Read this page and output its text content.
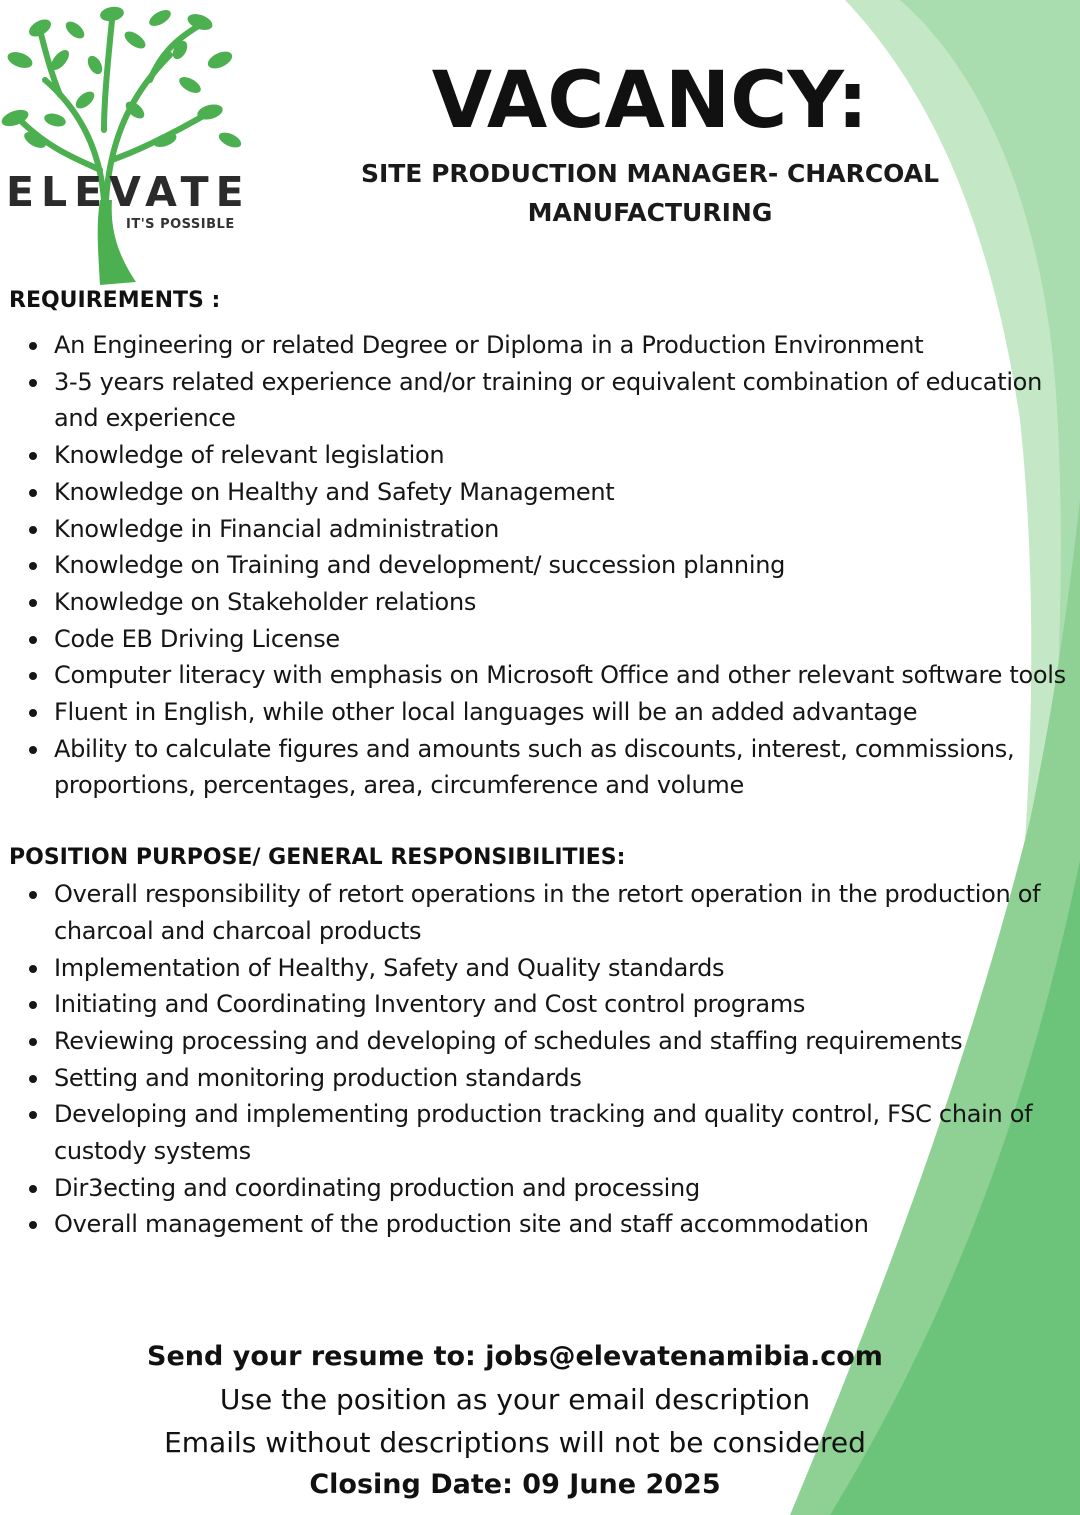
ELEVATE
IT'S POSSIBLE
VACANCY:

SITE PRODUCTION MANAGER- CHARCOAL
MANUFACTURING

REQUIREMENTS :
An Engineering or related Degree or Diploma in a Production Environment
3-5 years related experience and/or training or equivalent combination of education and experience
Knowledge of relevant legislation
Knowledge on Healthy and Safety Management
Knowledge in Financial administration
Knowledge on Training and development/ succession planning
Knowledge on Stakeholder relations
Code EB Driving License
Computer literacy with emphasis on Microsoft Office and other relevant software tools
Fluent in English, while other local languages will be an added advantage
Ability to calculate figures and amounts such as discounts, interest, commissions, proportions, percentages, area, circumference and volume
POSITION PURPOSE/ GENERAL RESPONSIBILITIES:
Overall responsibility of retort operations in the retort operation in the production of charcoal and charcoal products
Implementation of Healthy, Safety and Quality standards
Initiating and Coordinating Inventory and Cost control programs
Reviewing processing and developing of schedules and staffing requirements
Setting and monitoring production standards
Developing and implementing production tracking and quality control, FSC chain of custody systems
Dir3ecting and coordinating production and processing
Overall management of the production site and staff accommodation

Send your resume to: jobs@elevatenamibia.com

Use the position as your email description

Emails without descriptions will not be considered

Closing Date: 09 June 2025
